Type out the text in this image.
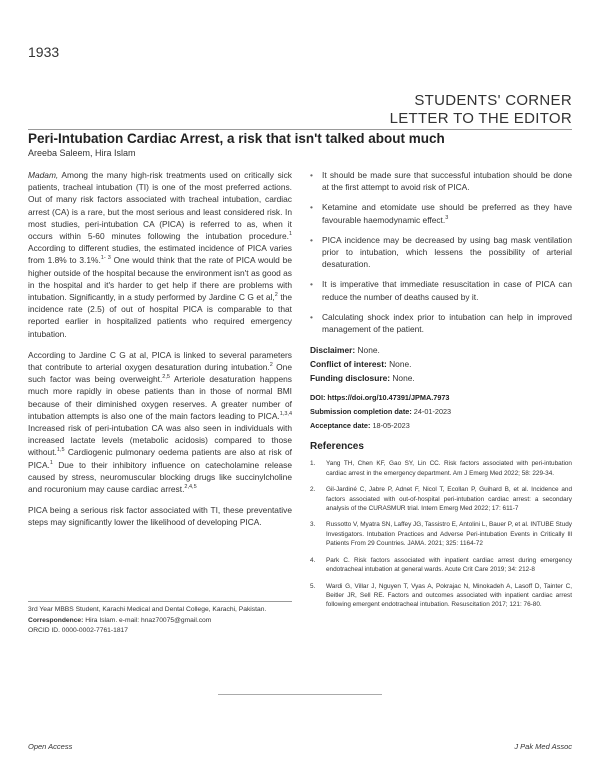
1933
STUDENTS' CORNER
LETTER TO THE EDITOR
Peri-Intubation Cardiac Arrest, a risk that isn't talked about much
Areeba Saleem, Hira Islam

Madam, Among the many high-risk treatments used on critically sick patients, tracheal intubation (TI) is one of the most preferred actions. Out of many risk factors associated with tracheal intubation, cardiac arrest (CA) is a rare, but the most serious and least considered risk. In most studies, peri-intubation CA (PICA) is referred to as, when it occurs within 5-60 minutes following the intubation procedure.$^1$ According to different studies, the estimated incidence of PICA varies from 1.8% to 3.1%.$^{1- 3}$ One would think that the rate of PICA would be higher outside of the hospital because the environment isn't as good as in the hospital and it's harder to get help if there are problems with intubation. Significantly, in a study performed by Jardine C G et al,$^2$ the incidence rate (2.5) of out of hospital PICA is comparable to that reported earlier in hospitalized patients who required emergency intubation.

According to Jardine C G at al, PICA is linked to several parameters that contribute to arterial oxygen desaturation during intubation.$^2$ One such factor was being overweight.$^{2,5}$ Arteriole desaturation happens much more rapidly in obese patients than in those of normal BMI because of their diminished oxygen reserves. A greater number of intubation attempts is also one of the main factors leading to PICA.$^{1,3,4}$ Increased risk of peri-intubation CA was also seen in individuals with increased lactate levels (metabolic acidosis) compared to those without.$^{1,5}$ Cardiogenic pulmonary oedema patients are also at risk of PICA.$^1$ Due to their inhibitory influence on catecholamine release caused by stress, neuromuscular blocking drugs like succinylcholine and rocuronium may cause cardiac arrest.$^{2,4,5}$

PICA being a serious risk factor associated with TI, these preventative steps may significantly lower the likelihood of developing PICA.

3rd Year MBBS Student, Karachi Medical and Dental College, Karachi, Pakistan.
Correspondence: Hira Islam. e-mail: hnaz70075@gmail.com
ORCID ID. 0000-0002-7761-1817
• It should be made sure that successful intubation should be done at the first attempt to avoid risk of PICA.
• Ketamine and etomidate use should be preferred as they have favourable haemodynamic effect.$^3$
• PICA incidence may be decreased by using bag mask ventilation prior to intubation, which lessens the possibility of arterial desaturation.
• It is imperative that immediate resuscitation in case of PICA can reduce the number of deaths caused by it.
• Calculating shock index prior to intubation can help in improved management of the patient.

Disclaimer: None.

Conflict of interest: None.

Funding disclosure: None.

DOI: https://doi.org/10.47391/JPMA.7973

Submission completion date: 24-01-2023

Acceptance date: 18-05-2023

References
1. Yang TH, Chen KF, Gao SY, Lin CC. Risk factors associated with peri-intubation cardiac arrest in the emergency department. Am J Emerg Med 2022; 58: 229-34.
2. Gil-Jardiné C, Jabre P, Adnet F, Nicol T, Ecollan P, Guihard B, et al. Incidence and factors associated with out-of-hospital peri-intubation cardiac arrest: a secondary analysis of the CURASMUR trial. Intern Emerg Med 2022; 17: 611-7
3. Russotto V, Myatra SN, Laffey JG, Tassistro E, Antolini L, Bauer P, et al. INTUBE Study Investigators. Intubation Practices and Adverse Peri-intubation Events in Critically Ill Patients From 29 Countries. JAMA. 2021; 325: 1164-72
4. Park C. Risk factors associated with inpatient cardiac arrest during emergency endotracheal intubation at general wards. Acute Crit Care 2019; 34: 212-8
5. Wardi G, Villar J, Nguyen T, Vyas A, Pokrajac N, Minokadeh A, Lasoff D, Tainter C, Beitler JR, Sell RE. Factors and outcomes associated with inpatient cardiac arrest following emergent endotracheal intubation. Resuscitation 2017; 121: 76-80.
Open Access	J Pak Med Assoc
